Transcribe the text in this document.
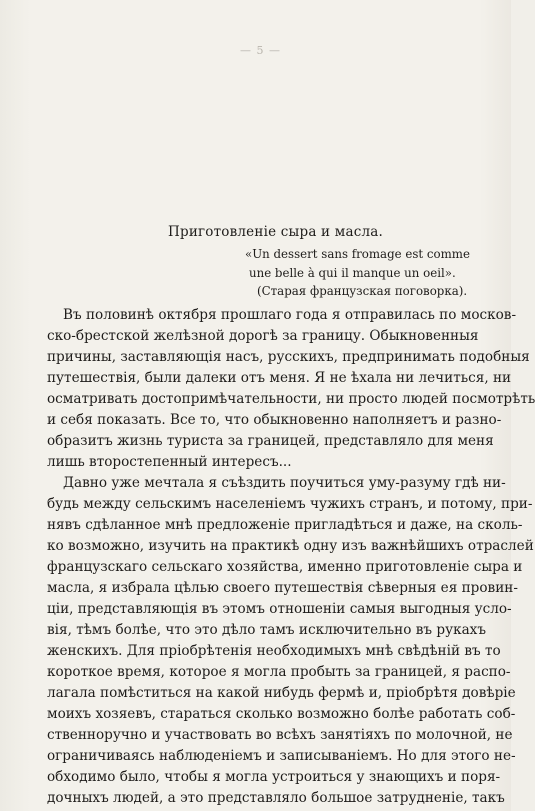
— 5 —
Приготовленіе сыра и масла.
«Un dessert sans fromage est comme
une belle à qui il manque un oeil».
(Старая французская поговорка).
Въ половинѣ октября прошлаго года я отправилась по москов-
ско-брестской желѣзной дорогѣ за границу. Обыкновенныя
причины, заставляющія насъ, русскихъ, предпринимать подобныя
путешествія, были далеки отъ меня. Я не ѣхала ни лечиться, ни
осматривать достопримѣчательности, ни просто людей посмотрѣть
и себя показать. Все то, что обыкновенно наполняетъ и разно-
образитъ жизнь туриста за границей, представляло для меня
лишь второстепенный интересъ...
Давно уже мечтала я съѣздить поучиться уму-разуму гдѣ ни-
будь между сельскимъ населеніемъ чужихъ странъ, и потому, при-
нявъ сдѣланное мнѣ предложеніе пригладѣться и даже, на сколь-
ко возможно, изучить на практикѣ одну изъ важнѣйшихъ отраслей
французскаго сельскаго хозяйства, именно приготовленіе сыра и
масла, я избрала цѣлью своего путешествія сѣверныя ея провин-
ціи, представляющія въ этомъ отношеніи самыя выгодныя усло-
вія, тѣмъ болѣе, что это дѣло тамъ исключительно въ рукахъ
женскихъ. Для пріобрѣтенія необходимыхъ мнѣ свѣдѣній въ то
короткое время, которое я могла пробыть за границей, я распо-
лагала помѣститься на какой нибудь фермѣ и, пріобрѣтя довѣріе
моихъ хозяевъ, стараться сколько возможно болѣе работать соб-
ственноручно и участвовать во всѣхъ занятіяхъ по молочной, не
ограничиваясь наблюденіемъ и записываніемъ. Но для этого не-
обходимо было, чтобы я могла устроиться у знающихъ и поря-
дочныхъ людей, а это представляло большое затрудненіе, такъ
